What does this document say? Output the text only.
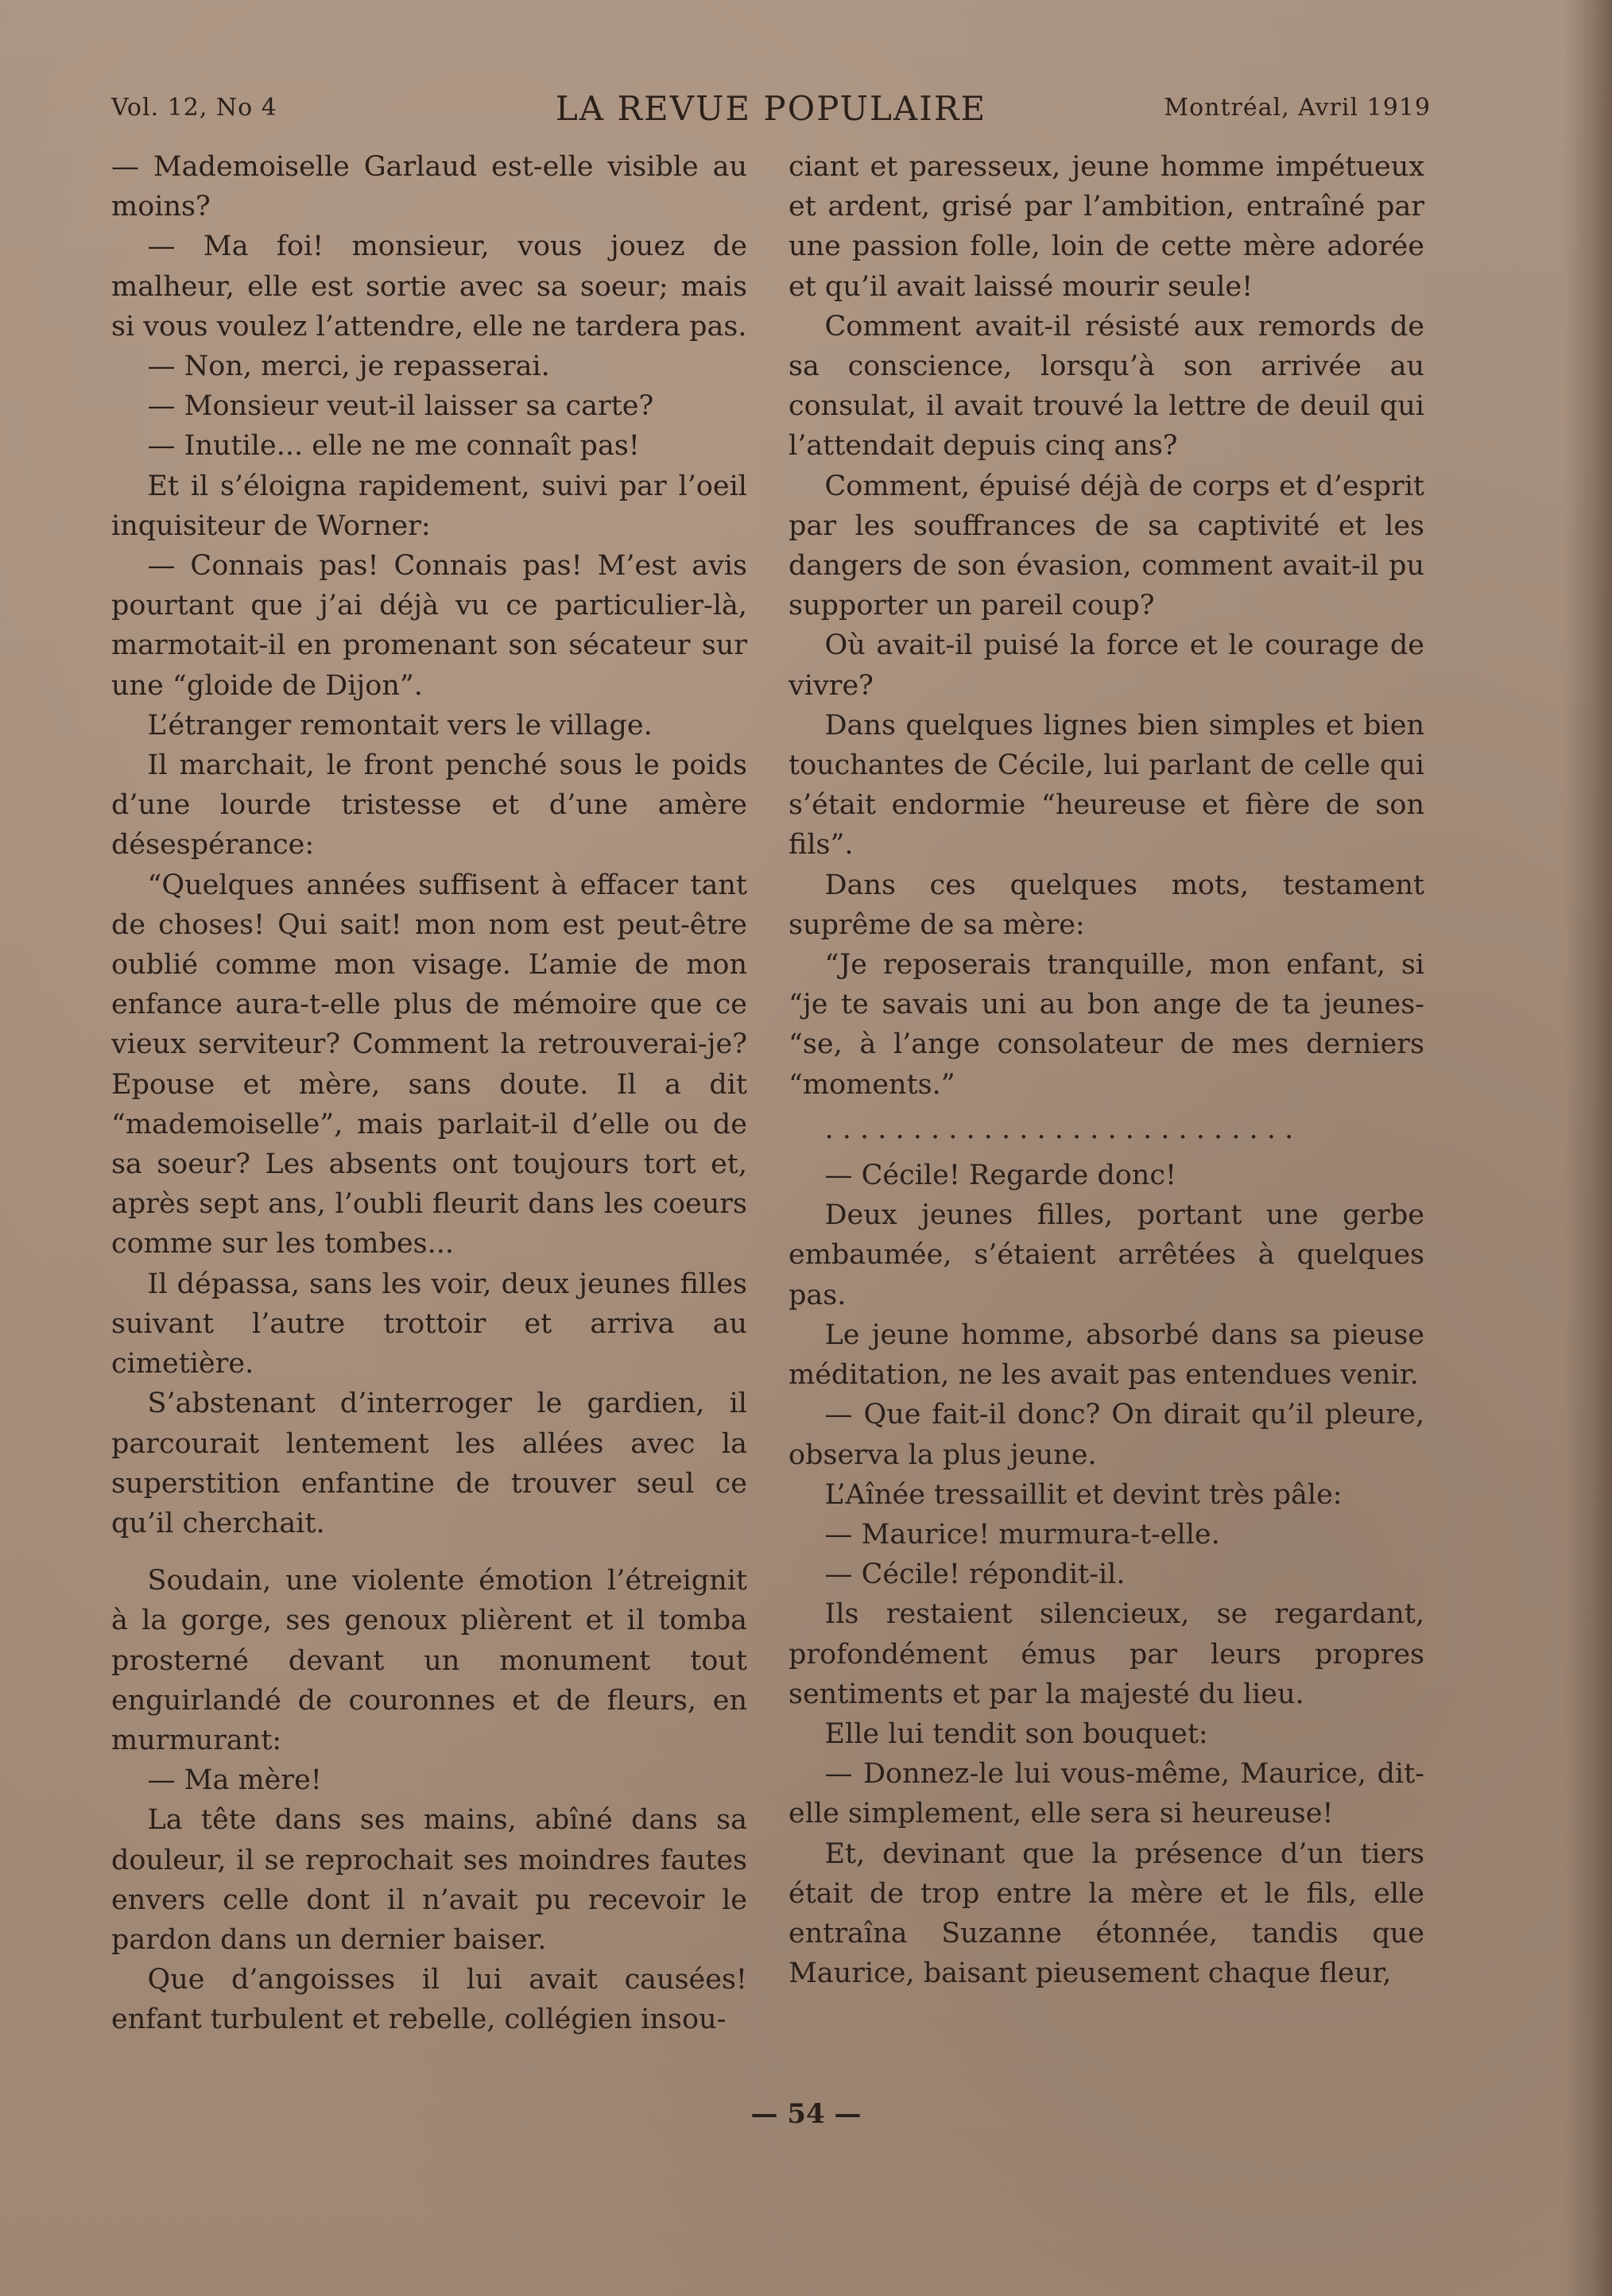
Vol. 12, No 4	LA REVUE POPULAIRE	Montréal, Avril 1919

— Mademoiselle Garlaud est-elle visible au moins?

— Ma foi! monsieur, vous jouez de malheur, elle est sortie avec sa soeur; mais si vous voulez l’attendre, elle ne tardera pas.

— Non, merci, je repasserai.

— Monsieur veut-il laisser sa carte?

— Inutile... elle ne me connaît pas!

Et il s’éloigna rapidement, suivi par l’oeil inquisiteur de Worner:

— Connais pas! Connais pas! M’est avis pourtant que j’ai déjà vu ce particulier-là, marmotait-il en promenant son sécateur sur une “gloide de Dijon”.

L’étranger remontait vers le village.

Il marchait, le front penché sous le poids d’une lourde tristesse et d’une amère désespérance:

“Quelques années suffisent à effacer tant de choses! Qui sait! mon nom est peut-être oublié comme mon visage. L’amie de mon enfance aura-t-elle plus de mémoire que ce vieux serviteur? Comment la retrouverai-je? Epouse et mère, sans doute. Il a dit “mademoiselle”, mais parlait-il d’elle ou de sa soeur? Les absents ont toujours tort et, après sept ans, l’oubli fleurit dans les coeurs comme sur les tombes...

Il dépassa, sans les voir, deux jeunes filles suivant l’autre trottoir et arriva au cimetière.

S’abstenant d’interroger le gardien, il parcourait lentement les allées avec la superstition enfantine de trouver seul ce qu’il cherchait.

Soudain, une violente émotion l’étreignit à la gorge, ses genoux plièrent et il tomba prosterné devant un monument tout enguirlandé de couronnes et de fleurs, en murmurant:

— Ma mère!

La tête dans ses mains, abîné dans sa douleur, il se reprochait ses moindres fautes envers celle dont il n’avait pu recevoir le pardon dans un dernier baiser.

Que d’angoisses il lui avait causées! enfant turbulent et rebelle, collégien insou-

ciant et paresseux, jeune homme impétueux et ardent, grisé par l’ambition, entraîné par une passion folle, loin de cette mère adorée et qu’il avait laissé mourir seule!

Comment avait-il résisté aux remords de sa conscience, lorsqu’à son arrivée au consulat, il avait trouvé la lettre de deuil qui l’attendait depuis cinq ans?

Comment, épuisé déjà de corps et d’esprit par les souffrances de sa captivité et les dangers de son évasion, comment avait-il pu supporter un pareil coup?

Où avait-il puisé la force et le courage de vivre?

Dans quelques lignes bien simples et bien touchantes de Cécile, lui parlant de celle qui s’était endormie “heureuse et fière de son fils”.

Dans ces quelques mots, testament suprême de sa mère:

“Je reposerais tranquille, mon enfant, si “je te savais uni au bon ange de ta jeunes- “se, à l’ange consolateur de mes derniers “moments.”

. . . . . . . . . . . . . . . . . . . . . . . . . . .

— Cécile! Regarde donc!

Deux jeunes filles, portant une gerbe embaumée, s’étaient arrêtées à quelques pas.

Le jeune homme, absorbé dans sa pieuse méditation, ne les avait pas entendues venir.

— Que fait-il donc? On dirait qu’il pleure, observa la plus jeune.

L’Aînée tressaillit et devint très pâle:

— Maurice! murmura-t-elle.

— Cécile! répondit-il.

Ils restaient silencieux, se regardant, profondément émus par leurs propres sentiments et par la majesté du lieu.

Elle lui tendit son bouquet:

— Donnez-le lui vous-même, Maurice, dit-elle simplement, elle sera si heureuse!

Et, devinant que la présence d’un tiers était de trop entre la mère et le fils, elle entraîna Suzanne étonnée, tandis que Maurice, baisant pieusement chaque fleur,

— 54 —
